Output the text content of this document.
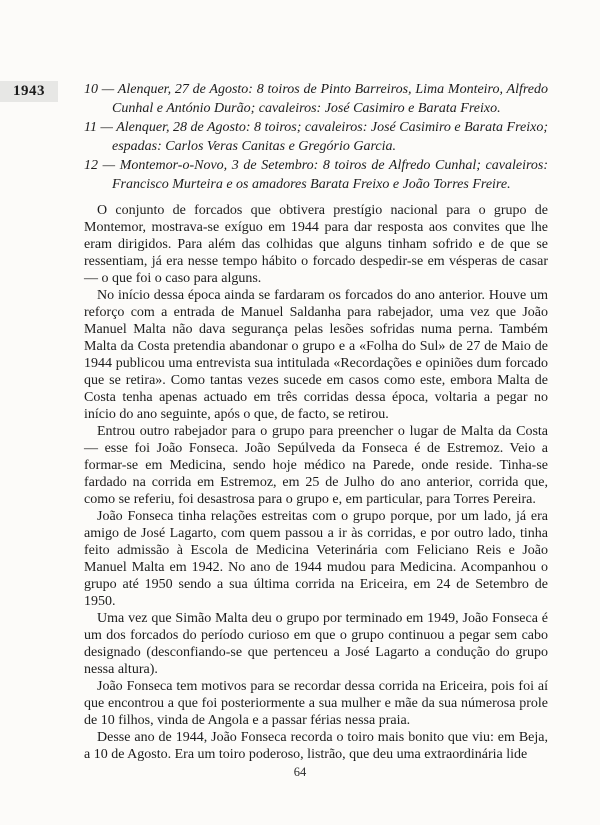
1943	10 — Alenquer, 27 de Agosto: 8 toiros de Pinto Barreiros, Lima Monteiro, Alfredo Cunhal e António Durão; cavaleiros: José Casimiro e Barata Freixo.

11 — Alenquer, 28 de Agosto: 8 toiros; cavaleiros: José Casimiro e Barata Freixo; espadas: Carlos Veras Canitas e Gregório Garcia.

12 — Montemor-o-Novo, 3 de Setembro: 8 toiros de Alfredo Cunhal; cavaleiros: Francisco Murteira e os amadores Barata Freixo e João Torres Freire.

O conjunto de forcados que obtivera prestígio nacional para o grupo de Montemor, mostrava-se exíguo em 1944 para dar resposta aos convites que lhe eram dirigidos. Para além das colhidas que alguns tinham sofrido e de que se ressentiam, já era nesse tempo hábito o forcado despedir-se em vésperas de casar — o que foi o caso para alguns.

No início dessa época ainda se fardaram os forcados do ano anterior. Houve um reforço com a entrada de Manuel Saldanha para rabejador, uma vez que João Manuel Malta não dava segurança pelas lesões sofridas numa perna. Também Malta da Costa pretendia abandonar o grupo e a «Folha do Sul» de 27 de Maio de 1944 publicou uma entrevista sua intitulada «Recordações e opiniões dum forcado que se retira». Como tantas vezes sucede em casos como este, embora Malta de Costa tenha apenas actuado em três corridas dessa época, voltaria a pegar no início do ano seguinte, após o que, de facto, se retirou.

Entrou outro rabejador para o grupo para preencher o lugar de Malta da Costa — esse foi João Fonseca. João Sepúlveda da Fonseca é de Estremoz. Veio a formar-se em Medicina, sendo hoje médico na Parede, onde reside. Tinha-se fardado na corrida em Estremoz, em 25 de Julho do ano anterior, corrida que, como se referiu, foi desastrosa para o grupo e, em particular, para Torres Pereira.

João Fonseca tinha relações estreitas com o grupo porque, por um lado, já era amigo de José Lagarto, com quem passou a ir às corridas, e por outro lado, tinha feito admissão à Escola de Medicina Veterinária com Feliciano Reis e João Manuel Malta em 1942. No ano de 1944 mudou para Medicina. Acompanhou o grupo até 1950 sendo a sua última corrida na Ericeira, em 24 de Setembro de 1950.

Uma vez que Simão Malta deu o grupo por terminado em 1949, João Fonseca é um dos forcados do período curioso em que o grupo continuou a pegar sem cabo designado (desconfiando-se que pertenceu a José Lagarto a condução do grupo nessa altura).

João Fonseca tem motivos para se recordar dessa corrida na Ericeira, pois foi aí que encontrou a que foi posteriormente a sua mulher e mãe da sua númerosa prole de 10 filhos, vinda de Angola e a passar férias nessa praia.

Desse ano de 1944, João Fonseca recorda o toiro mais bonito que viu: em Beja, a 10 de Agosto. Era um toiro poderoso, listrão, que deu uma extraordinária lide

64
